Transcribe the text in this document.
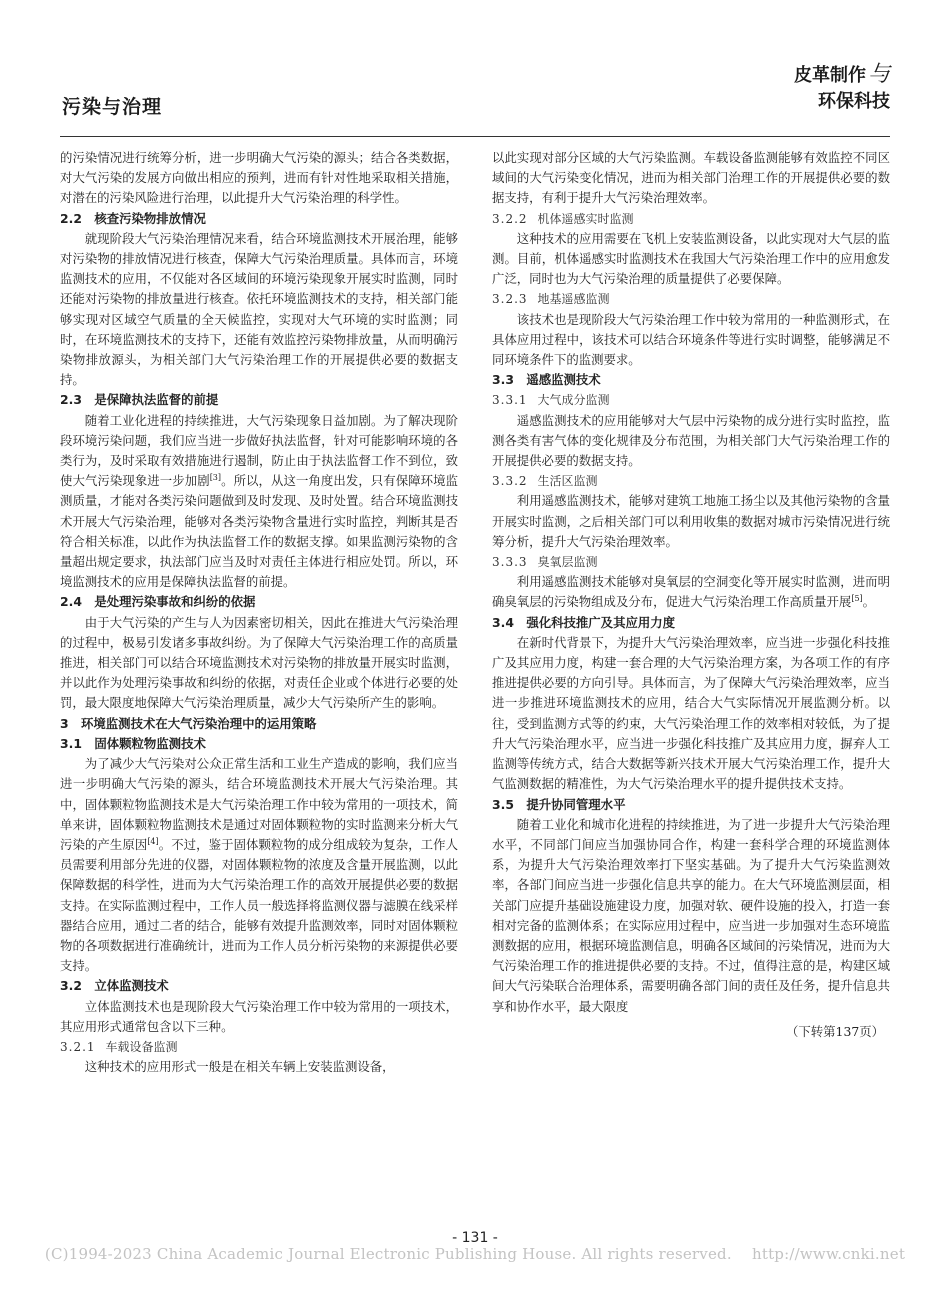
污染与治理
皮革制作与
环保科技

的污染情况进行统筹分析，进一步明确大气污染的源头；结合各类数据，对大气污染的发展方向做出相应的预判，进而有针对性地采取相关措施，对潜在的污染风险进行治理，以此提升大气污染治理的科学性。

2.2　核查污染物排放情况

就现阶段大气污染治理情况来看，结合环境监测技术开展治理，能够对污染物的排放情况进行核查，保障大气污染治理质量。具体而言，环境监测技术的应用，不仅能对各区域间的环境污染现象开展实时监测，同时还能对污染物的排放量进行核查。依托环境监测技术的支持，相关部门能够实现对区域空气质量的全天候监控，实现对大气环境的实时监测；同时，在环境监测技术的支持下，还能有效监控污染物排放量，从而明确污染物排放源头，为相关部门大气污染治理工作的开展提供必要的数据支持。

2.3　是保障执法监督的前提

随着工业化进程的持续推进，大气污染现象日益加剧。为了解决现阶段环境污染问题，我们应当进一步做好执法监督，针对可能影响环境的各类行为，及时采取有效措施进行遏制，防止由于执法监督工作不到位，致使大气污染现象进一步加剧[3]。所以，从这一角度出发，只有保障环境监测质量，才能对各类污染问题做到及时发现、及时处置。结合环境监测技术开展大气污染治理，能够对各类污染物含量进行实时监控，判断其是否符合相关标准，以此作为执法监督工作的数据支撑。如果监测污染物的含量超出规定要求，执法部门应当及时对责任主体进行相应处罚。所以，环境监测技术的应用是保障执法监督的前提。

2.4　是处理污染事故和纠纷的依据

由于大气污染的产生与人为因素密切相关，因此在推进大气污染治理的过程中，极易引发诸多事故纠纷。为了保障大气污染治理工作的高质量推进，相关部门可以结合环境监测技术对污染物的排放量开展实时监测，并以此作为处理污染事故和纠纷的依据，对责任企业或个体进行必要的处罚，最大限度地保障大气污染治理质量，减少大气污染所产生的影响。

3　环境监测技术在大气污染治理中的运用策略
3.1　固体颗粒物监测技术

为了减少大气污染对公众正常生活和工业生产造成的影响，我们应当进一步明确大气污染的源头，结合环境监测技术开展大气污染治理。其中，固体颗粒物监测技术是大气污染治理工作中较为常用的一项技术，简单来讲，固体颗粒物监测技术是通过对固体颗粒物的实时监测来分析大气污染的产生原因[4]。不过，鉴于固体颗粒物的成分组成较为复杂，工作人员需要利用部分先进的仪器，对固体颗粒物的浓度及含量开展监测，以此保障数据的科学性，进而为大气污染治理工作的高效开展提供必要的数据支持。在实际监测过程中，工作人员一般选择将监测仪器与滤膜在线采样器结合应用，通过二者的结合，能够有效提升监测效率，同时对固体颗粒物的各项数据进行准确统计，进而为工作人员分析污染物的来源提供必要支持。

3.2　立体监测技术

立体监测技术也是现阶段大气污染治理工作中较为常用的一项技术，其应用形式通常包含以下三种。

3.2.1 车载设备监测

这种技术的应用形式一般是在相关车辆上安装监测设备，

以此实现对部分区域的大气污染监测。车载设备监测能够有效监控不同区域间的大气污染变化情况，进而为相关部门治理工作的开展提供必要的数据支持，有利于提升大气污染治理效率。

3.2.2 机体遥感实时监测

这种技术的应用需要在飞机上安装监测设备，以此实现对大气层的监测。目前，机体遥感实时监测技术在我国大气污染治理工作中的应用愈发广泛，同时也为大气污染治理的质量提供了必要保障。

3.2.3 地基遥感监测

该技术也是现阶段大气污染治理工作中较为常用的一种监测形式，在具体应用过程中，该技术可以结合环境条件等进行实时调整，能够满足不同环境条件下的监测要求。

3.3　遥感监测技术
3.3.1 大气成分监测

遥感监测技术的应用能够对大气层中污染物的成分进行实时监控，监测各类有害气体的变化规律及分布范围，为相关部门大气污染治理工作的开展提供必要的数据支持。

3.3.2 生活区监测

利用遥感监测技术，能够对建筑工地施工扬尘以及其他污染物的含量开展实时监测，之后相关部门可以利用收集的数据对城市污染情况进行统筹分析，提升大气污染治理效率。

3.3.3 臭氧层监测

利用遥感监测技术能够对臭氧层的空洞变化等开展实时监测，进而明确臭氧层的污染物组成及分布，促进大气污染治理工作高质量开展[5]。

3.4　强化科技推广及其应用力度

在新时代背景下，为提升大气污染治理效率，应当进一步强化科技推广及其应用力度，构建一套合理的大气污染治理方案，为各项工作的有序推进提供必要的方向引导。具体而言，为了保障大气污染治理效率，应当进一步推进环境监测技术的应用，结合大气实际情况开展监测分析。以往，受到监测方式等的约束，大气污染治理工作的效率相对较低，为了提升大气污染治理水平，应当进一步强化科技推广及其应用力度，摒弃人工监测等传统方式，结合大数据等新兴技术开展大气污染治理工作，提升大气监测数据的精准性，为大气污染治理水平的提升提供技术支持。

3.5　提升协同管理水平

随着工业化和城市化进程的持续推进，为了进一步提升大气污染治理水平，不同部门间应当加强协同合作，构建一套科学合理的环境监测体系，为提升大气污染治理效率打下坚实基础。为了提升大气污染监测效率，各部门间应当进一步强化信息共享的能力。在大气环境监测层面，相关部门应提升基础设施建设力度，加强对软、硬件设施的投入，打造一套相对完备的监测体系；在实际应用过程中，应当进一步加强对生态环境监测数据的应用，根据环境监测信息，明确各区域间的污染情况，进而为大气污染治理工作的推进提供必要的支持。不过，值得注意的是，构建区域间大气污染联合治理体系，需要明确各部门间的责任及任务，提升信息共享和协作水平，最大限度

（下转第137页）
- 131 -
(C)1994-2023 China Academic Journal Electronic Publishing House. All rights reserved.　 http://www.cnki.net
